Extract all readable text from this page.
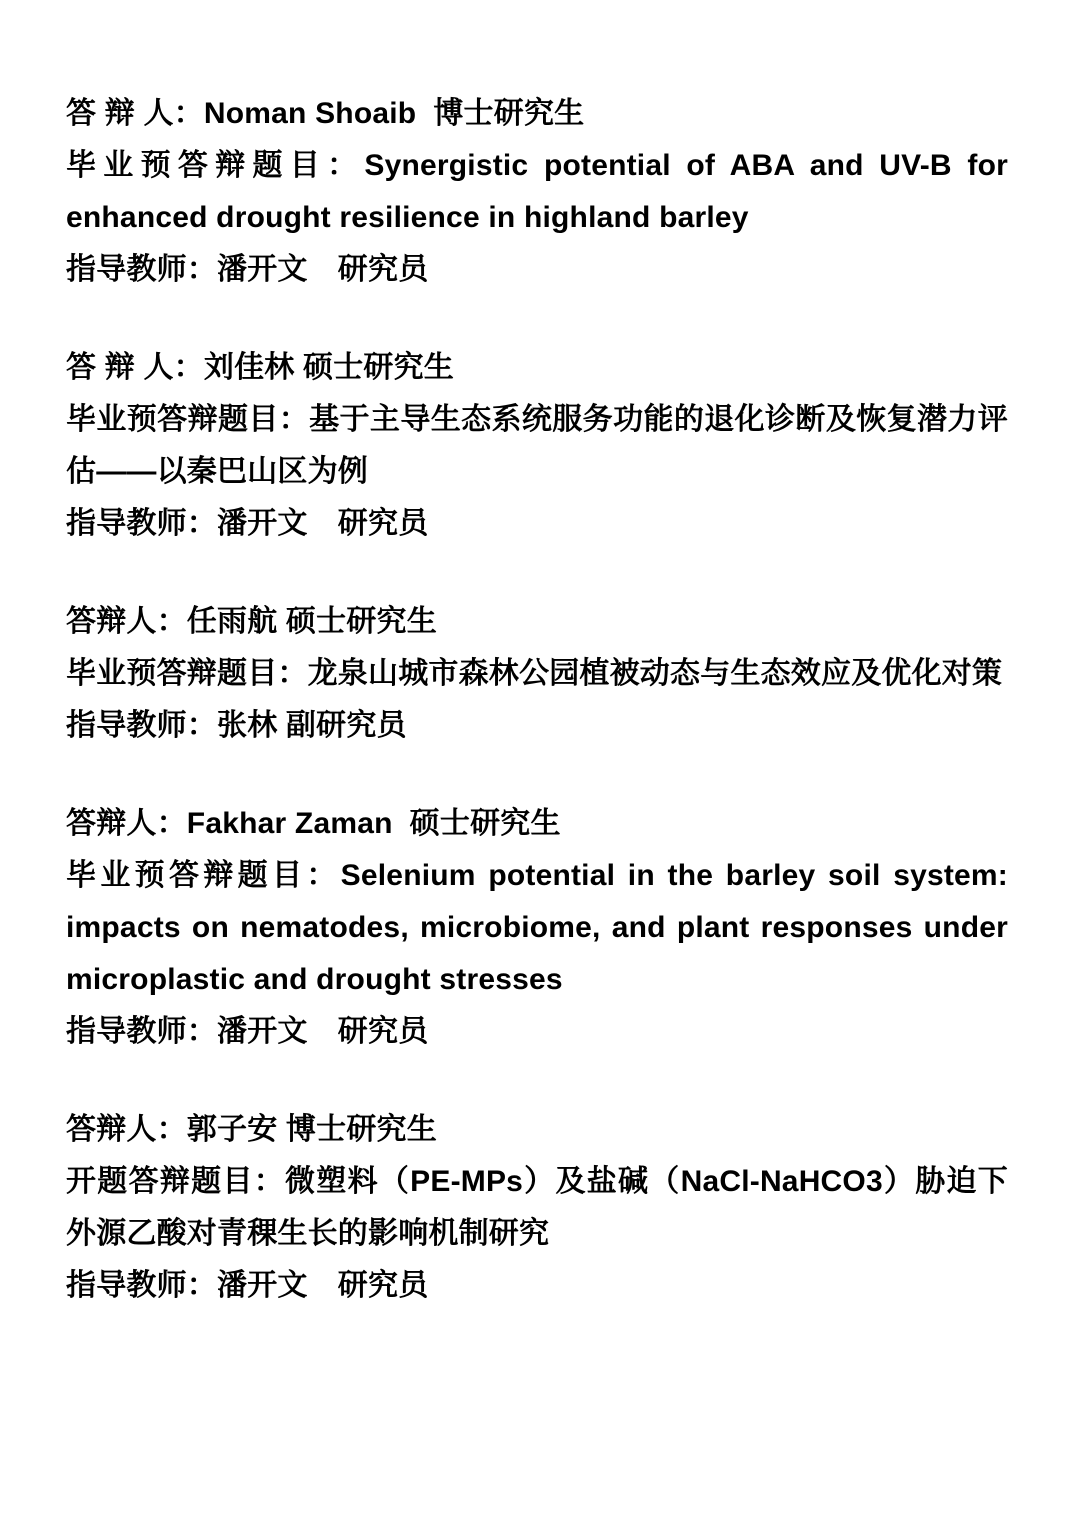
答 辩 人：Noman Shoaib  博士研究生

毕业预答辩题目：Synergistic potential of ABA and UV-B for enhanced drought resilience in highland barley

指导教师：潘开文　研究员

答 辩 人：刘佳林 硕士研究生

毕业预答辩题目：基于主导生态系统服务功能的退化诊断及恢复潜力评估——以秦巴山区为例

指导教师：潘开文　研究员

答辩人：任雨航 硕士研究生

毕业预答辩题目：龙泉山城市森林公园植被动态与生态效应及优化对策

指导教师：张林 副研究员

答辩人：Fakhar Zaman  硕士研究生

毕业预答辩题目：Selenium potential in the barley soil system: impacts on nematodes, microbiome, and plant responses under microplastic and drought stresses

指导教师：潘开文　研究员

答辩人：郭子安 博士研究生

开题答辩题目：微塑料（PE-MPs）及盐碱（NaCl-NaHCO3）胁迫下外源乙酸对青稞生长的影响机制研究

指导教师：潘开文　研究员
